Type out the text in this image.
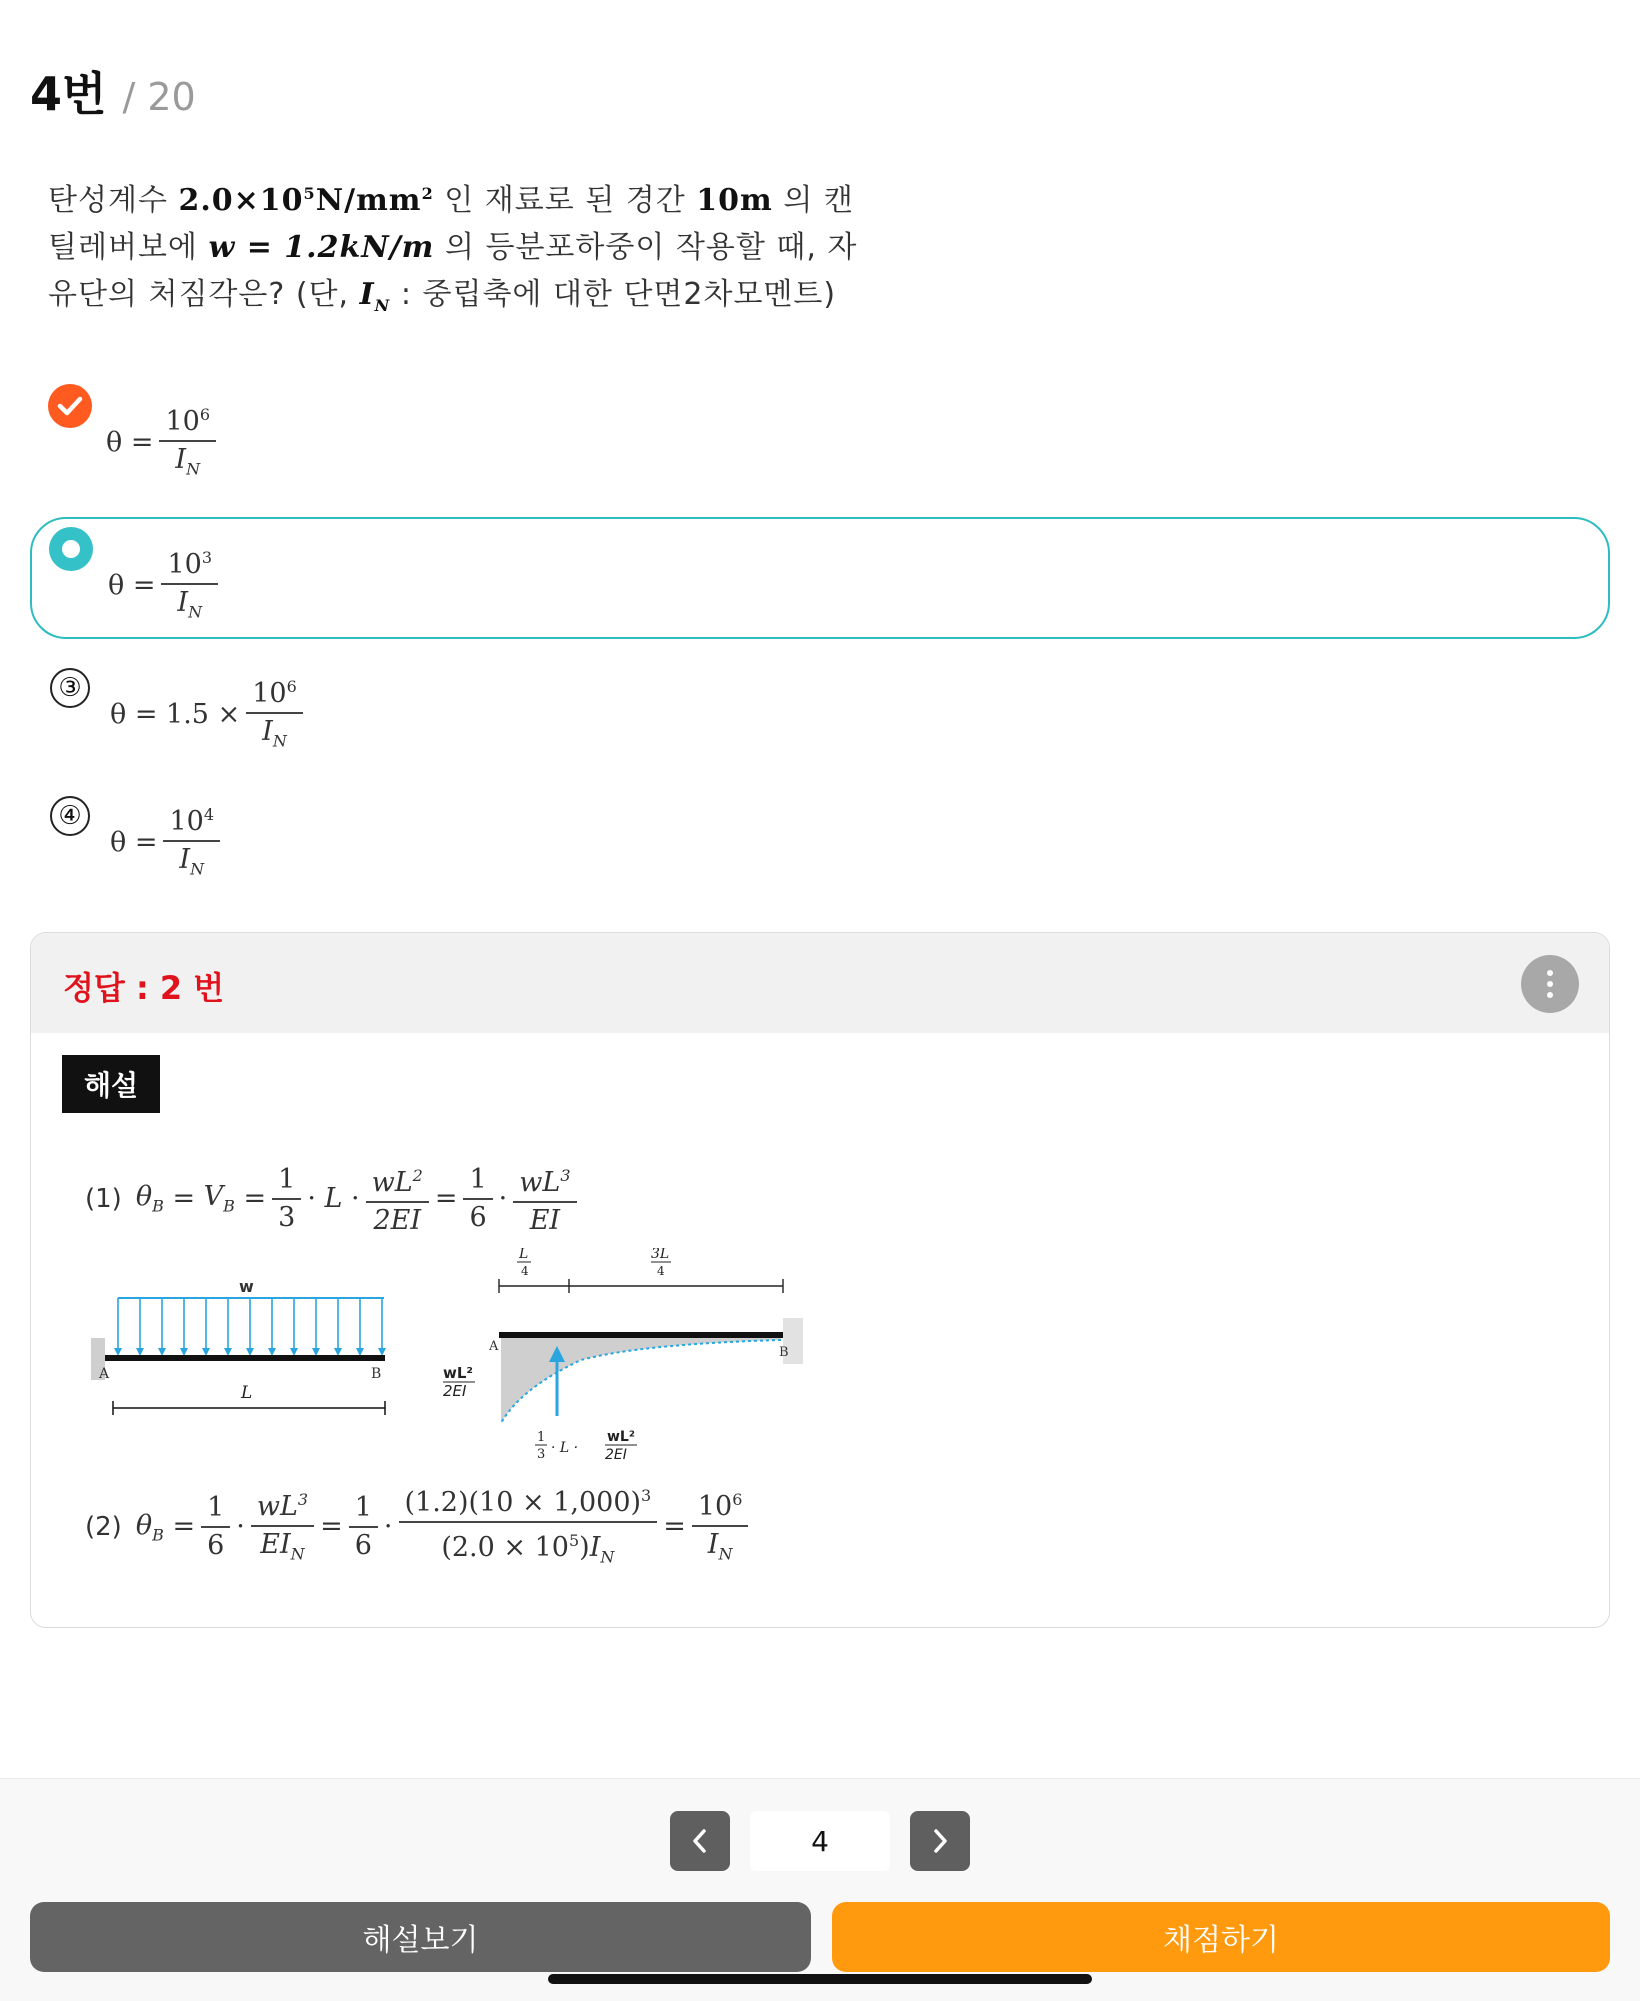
4번 / 20
탄성계수 $2.0\times 10^5N/mm^2$ 인 재료로 된 경간 10m 의 캔틸레버보에 w = 1.2kN/m 의 등분포하중이 작용할 때, 자유단의 처짐각은? (단, $I_N$ : 중립축에 대한 단면2차모멘트)
$\theta = \frac{10^6}{I_N}$
$\theta = \frac{10^3}{I_N}$
③
$\theta = 1.5 \times \frac{10^6}{I_N}$
④
$\theta = \frac{10^4}{I_N}$
정답 : 2 번
해설
(1) $\theta_B = V_B$ =
1
3
· L ·
$wL^2$
2EI
=
1
6
·
$wL^3$
EI
w
A	B
L
L
4
3L
4
A	B
wL²
2EI
1
3 · L ·
wL²
2EI
(2) $\theta_B$ =
1
6
·
$wL^3$
$EI_N$
=
1
6
·
$(1.2)(10 \times 1,000)^3$
$(2.0 \times 10^5)I_N$
=
$10^6$
$I_N$
4
해설보기	채점하기
